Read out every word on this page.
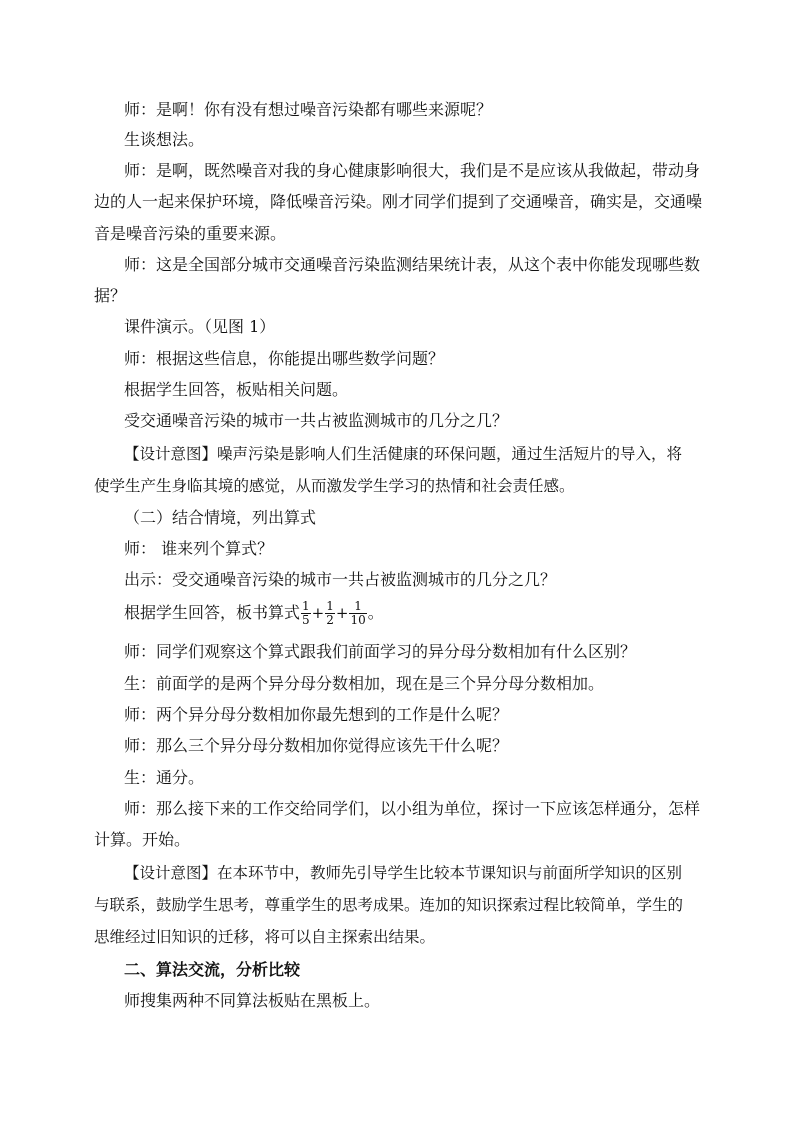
师：是啊！你有没有想过噪音污染都有哪些来源呢？
生谈想法。
师：是啊，既然噪音对我的身心健康影响很大，我们是不是应该从我做起，带动身
边的人一起来保护环境，降低噪音污染。刚才同学们提到了交通噪音，确实是，交通噪
音是噪音污染的重要来源。
师：这是全国部分城市交通噪音污染监测结果统计表，从这个表中你能发现哪些数
据？
课件演示。（见图 1）
师：根据这些信息，你能提出哪些数学问题？
根据学生回答，板贴相关问题。
受交通噪音污染的城市一共占被监测城市的几分之几？
【设计意图】噪声污染是影响人们生活健康的环保问题，通过生活短片的导入，将
使学生产生身临其境的感觉，从而激发学生学习的热情和社会责任感。
（二）结合情境，列出算式
师： 谁来列个算式？
出示：受交通噪音污染的城市一共占被监测城市的几分之几？
根据学生回答，板书算式 $\frac{1}{5} + \frac{1}{2} + \frac{1}{10}$ 。
师：同学们观察这个算式跟我们前面学习的异分母分数相加有什么区别？
生：前面学的是两个异分母分数相加，现在是三个异分母分数相加。
师：两个异分母分数相加你最先想到的工作是什么呢？
师：那么三个异分母分数相加你觉得应该先干什么呢？
生：通分。
师：那么接下来的工作交给同学们，以小组为单位，探讨一下应该怎样通分，怎样
计算。开始。
【设计意图】在本环节中，教师先引导学生比较本节课知识与前面所学知识的区别
与联系，鼓励学生思考，尊重学生的思考成果。连加的知识探索过程比较简单，学生的
思维经过旧知识的迁移，将可以自主探索出结果。
二、算法交流，分析比较
师搜集两种不同算法板贴在黑板上。
